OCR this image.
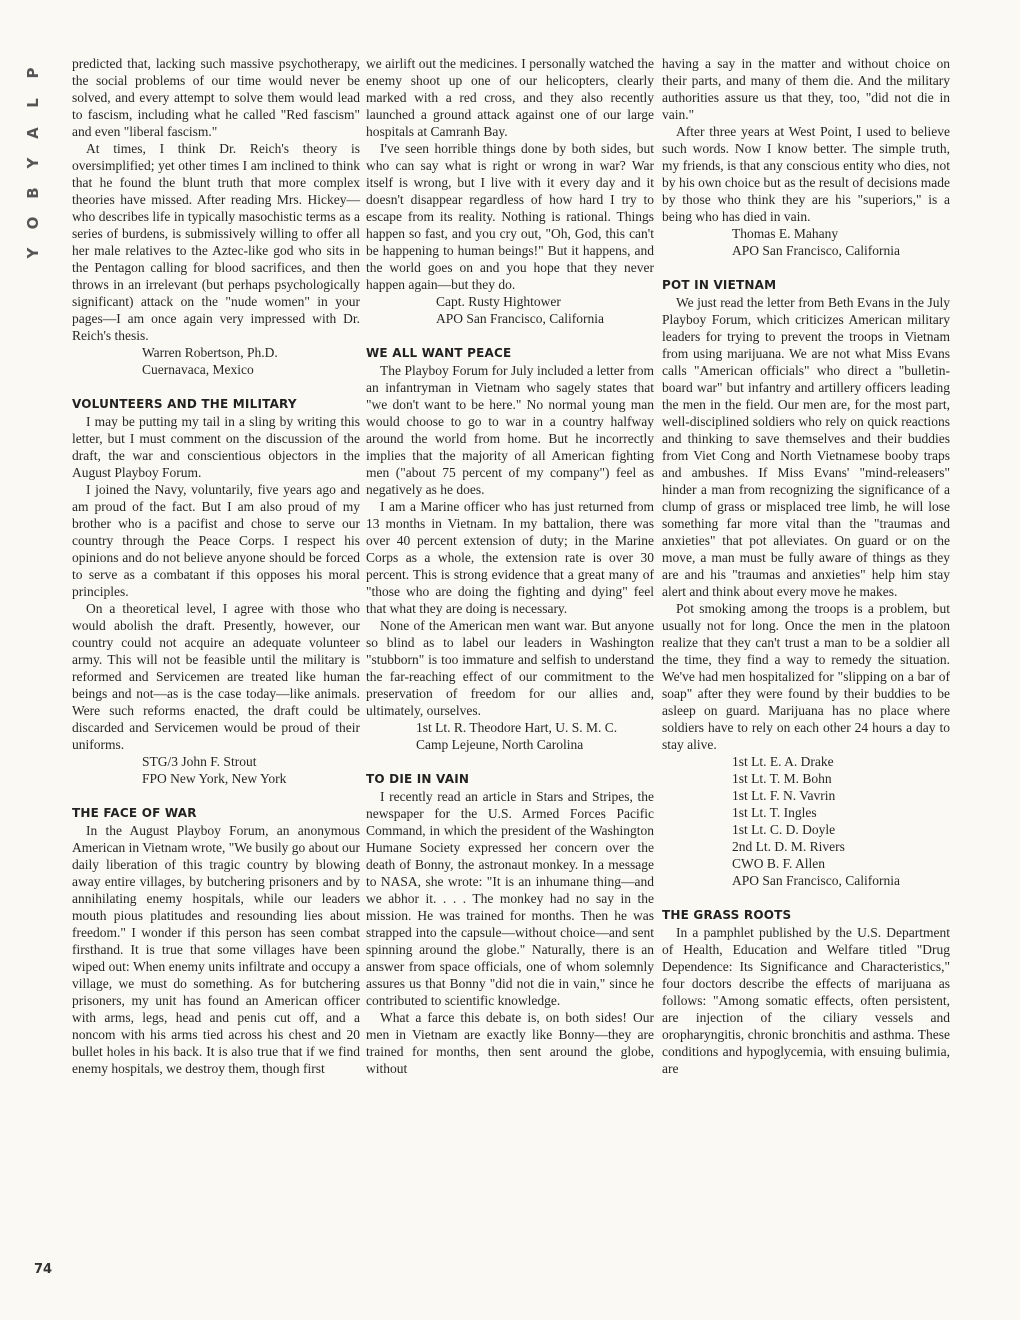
P
L
A
Y
B
O
Y
74

predicted that, lacking such massive psychotherapy, the social problems of our time would never be solved, and every attempt to solve them would lead to fascism, including what he called "Red fascism" and even "liberal fascism."

At times, I think Dr. Reich's theory is oversimplified; yet other times I am inclined to think that he found the blunt truth that more complex theories have missed. After reading Mrs. Hickey—who describes life in typically masochistic terms as a series of burdens, is submissively willing to offer all her male relatives to the Aztec-like god who sits in the Pentagon calling for blood sacrifices, and then throws in an irrelevant (but perhaps psychologically significant) attack on the "nude women" in your pages—I am once again very impressed with Dr. Reich's thesis.

Warren Robertson, Ph.D.
Cuernavaca, Mexico
VOLUNTEERS AND THE MILITARY

I may be putting my tail in a sling by writing this letter, but I must comment on the discussion of the draft, the war and conscientious objectors in the August Playboy Forum.

I joined the Navy, voluntarily, five years ago and am proud of the fact. But I am also proud of my brother who is a pacifist and chose to serve our country through the Peace Corps. I respect his opinions and do not believe anyone should be forced to serve as a combatant if this opposes his moral principles.

On a theoretical level, I agree with those who would abolish the draft. Presently, however, our country could not acquire an adequate volunteer army. This will not be feasible until the military is reformed and Servicemen are treated like human beings and not—as is the case today—like animals. Were such reforms enacted, the draft could be discarded and Servicemen would be proud of their uniforms.

STG/3 John F. Strout
FPO New York, New York
THE FACE OF WAR

In the August Playboy Forum, an anonymous American in Vietnam wrote, "We busily go about our daily liberation of this tragic country by blowing away entire villages, by butchering prisoners and by annihilating enemy hospitals, while our leaders mouth pious platitudes and resounding lies about freedom." I wonder if this person has seen combat firsthand. It is true that some villages have been wiped out: When enemy units infiltrate and occupy a village, we must do something. As for butchering prisoners, my unit has found an American officer with arms, legs, head and penis cut off, and a noncom with his arms tied across his chest and 20 bullet holes in his back. It is also true that if we find enemy hospitals, we destroy them, though first

we airlift out the medicines. I personally watched the enemy shoot up one of our helicopters, clearly marked with a red cross, and they also recently launched a ground attack against one of our large hospitals at Camranh Bay.

I've seen horrible things done by both sides, but who can say what is right or wrong in war? War itself is wrong, but I live with it every day and it doesn't disappear regardless of how hard I try to escape from its reality. Nothing is rational. Things happen so fast, and you cry out, "Oh, God, this can't be happening to human beings!" But it happens, and the world goes on and you hope that they never happen again—but they do.

Capt. Rusty Hightower
APO San Francisco, California
WE ALL WANT PEACE

The Playboy Forum for July included a letter from an infantryman in Vietnam who sagely states that "we don't want to be here." No normal young man would choose to go to war in a country halfway around the world from home. But he incorrectly implies that the majority of all American fighting men ("about 75 percent of my company") feel as negatively as he does.

I am a Marine officer who has just returned from 13 months in Vietnam. In my battalion, there was over 40 percent extension of duty; in the Marine Corps as a whole, the extension rate is over 30 percent. This is strong evidence that a great many of "those who are doing the fighting and dying" feel that what they are doing is necessary.

None of the American men want war. But anyone so blind as to label our leaders in Washington "stubborn" is too immature and selfish to understand the far-reaching effect of our commitment to the preservation of freedom for our allies and, ultimately, ourselves.

1st Lt. R. Theodore Hart, U. S. M. C.
Camp Lejeune, North Carolina
TO DIE IN VAIN

I recently read an article in Stars and Stripes, the newspaper for the U.S. Armed Forces Pacific Command, in which the president of the Washington Humane Society expressed her concern over the death of Bonny, the astronaut monkey. In a message to NASA, she wrote: "It is an inhumane thing—and we abhor it. . . . The monkey had no say in the mission. He was trained for months. Then he was strapped into the capsule—without choice—and sent spinning around the globe." Naturally, there is an answer from space officials, one of whom solemnly assures us that Bonny "did not die in vain," since he contributed to scientific knowledge.

What a farce this debate is, on both sides! Our men in Vietnam are exactly like Bonny—they are trained for months, then sent around the globe, without

having a say in the matter and without choice on their parts, and many of them die. And the military authorities assure us that they, too, "did not die in vain."

After three years at West Point, I used to believe such words. Now I know better. The simple truth, my friends, is that any conscious entity who dies, not by his own choice but as the result of decisions made by those who think they are his "superiors," is a being who has died in vain.

Thomas E. Mahany
APO San Francisco, California
POT IN VIETNAM

We just read the letter from Beth Evans in the July Playboy Forum, which criticizes American military leaders for trying to prevent the troops in Vietnam from using marijuana. We are not what Miss Evans calls "American officials" who direct a "bulletin-board war" but infantry and artillery officers leading the men in the field. Our men are, for the most part, well-disciplined soldiers who rely on quick reactions and thinking to save themselves and their buddies from Viet Cong and North Vietnamese booby traps and ambushes. If Miss Evans' "mind-releasers" hinder a man from recognizing the significance of a clump of grass or misplaced tree limb, he will lose something far more vital than the "traumas and anxieties" that pot alleviates. On guard or on the move, a man must be fully aware of things as they are and his "traumas and anxieties" help him stay alert and think about every move he makes.

Pot smoking among the troops is a problem, but usually not for long. Once the men in the platoon realize that they can't trust a man to be a soldier all the time, they find a way to remedy the situation. We've had men hospitalized for "slipping on a bar of soap" after they were found by their buddies to be asleep on guard. Marijuana has no place where soldiers have to rely on each other 24 hours a day to stay alive.

1st Lt. E. A. Drake
1st Lt. T. M. Bohn
1st Lt. F. N. Vavrin
1st Lt. T. Ingles
1st Lt. C. D. Doyle
2nd Lt. D. M. Rivers
CWO B. F. Allen
APO San Francisco, California
THE GRASS ROOTS

In a pamphlet published by the U.S. Department of Health, Education and Welfare titled "Drug Dependence: Its Significance and Characteristics," four doctors describe the effects of marijuana as follows: "Among somatic effects, often persistent, are injection of the ciliary vessels and oropharyngitis, chronic bronchitis and asthma. These conditions and hypoglycemia, with ensuing bulimia, are
